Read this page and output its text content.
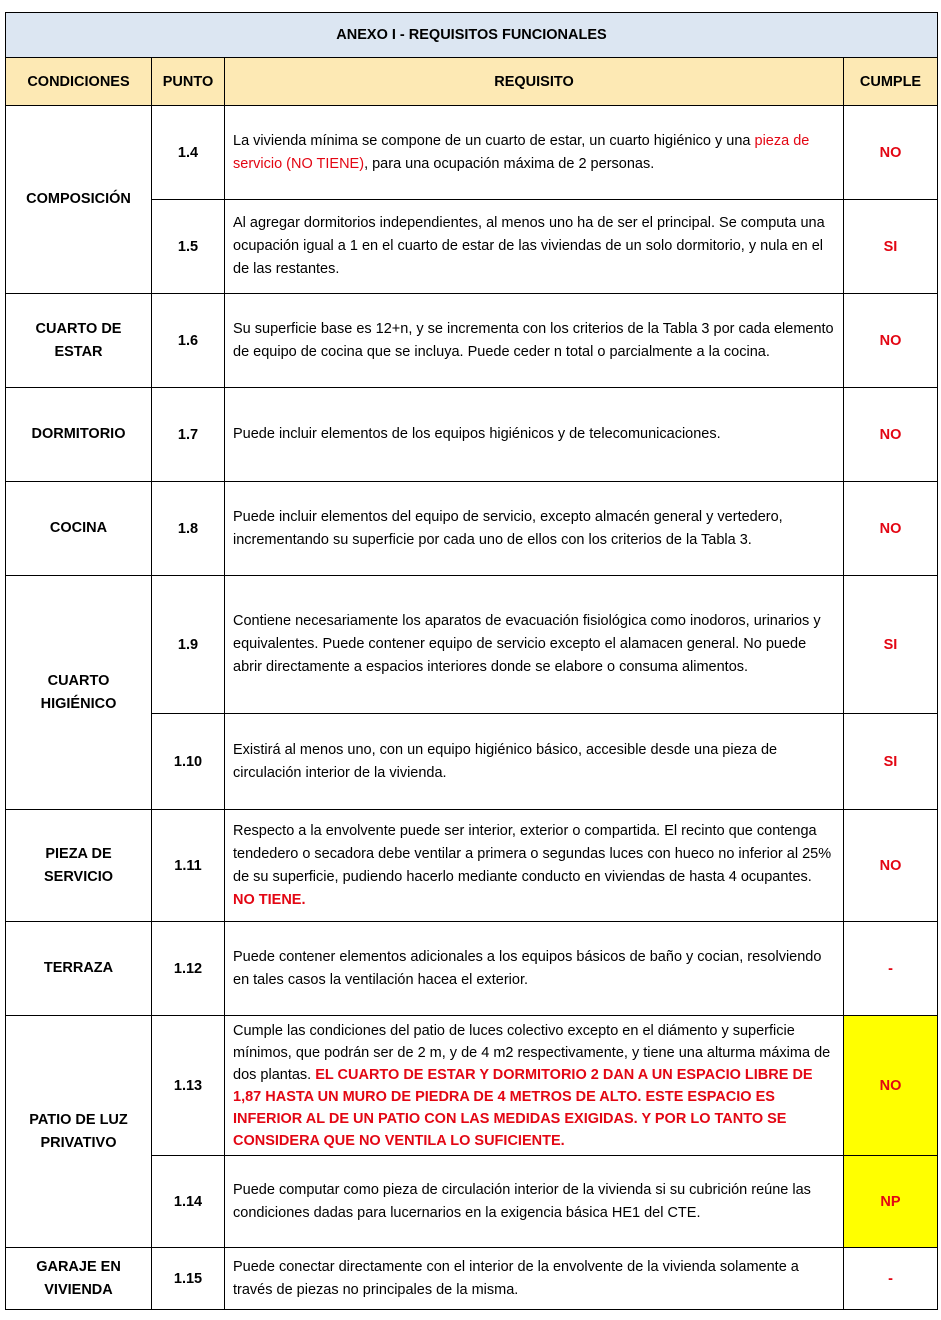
ANEXO I - REQUISITOS FUNCIONALES			
CONDICIONES	PUNTO	REQUISITO	CUMPLE
COMPOSICIÓN	1.4	La vivienda mínima se compone de un cuarto de estar, un cuarto higiénico y una pieza de servicio (NO TIENE), para una ocupación máxima de 2 personas.	NO
	1.5	Al agregar dormitorios independientes, al menos uno ha de ser el principal. Se computa una ocupación igual a 1 en el cuarto de estar de las viviendas de un solo dormitorio, y nula en el de las restantes.	SI
CUARTO DE ESTAR	1.6	Su superficie base es 12+n, y se incrementa con los criterios de la Tabla 3 por cada elemento de equipo de cocina que se incluya. Puede ceder n total o parcialmente a la cocina.	NO
DORMITORIO	1.7	Puede incluir elementos de los equipos higiénicos y de telecomunicaciones.	NO
COCINA	1.8	Puede incluir elementos del equipo de servicio, excepto almacén general y vertedero, incrementando su superficie por cada uno de ellos con los criterios de la Tabla 3.	NO
CUARTO HIGIÉNICO	1.9	Contiene necesariamente los aparatos de evacuación fisiológica como inodoros, urinarios y equivalentes. Puede contener equipo de servicio excepto el alamacen general. No puede abrir directamente a espacios interiores donde se elabore o consuma alimentos.	SI
	1.10	Existirá al menos uno, con un equipo higiénico básico, accesible desde una pieza de circulación interior de la vivienda.	SI
PIEZA DE SERVICIO	1.11	Respecto a la envolvente puede ser interior, exterior o compartida. El recinto que contenga tendedero o secadora debe ventilar a primera o segundas luces con hueco no inferior al 25% de su superficie, pudiendo hacerlo mediante conducto en viviendas de hasta 4 ocupantes. NO TIENE.	NO
TERRAZA	1.12	Puede contener elementos adicionales a los equipos básicos de baño y cocian, resolviendo en tales casos la ventilación hacea el exterior.	-
PATIO DE LUZ PRIVATIVO	1.13	Cumple las condiciones del patio de luces colectivo excepto en el diámento y superficie mínimos, que podrán ser de 2 m, y de 4 m2 respectivamente, y tiene una alturma máxima de dos plantas. EL CUARTO DE ESTAR Y DORMITORIO 2 DAN A UN ESPACIO LIBRE DE 1,87 HASTA UN MURO DE PIEDRA DE 4 METROS DE ALTO. ESTE ESPACIO ES INFERIOR AL DE UN PATIO CON LAS MEDIDAS EXIGIDAS. Y POR LO TANTO SE CONSIDERA QUE NO VENTILA LO SUFICIENTE.	NO
	1.14	Puede computar como pieza de circulación interior de la vivienda si su cubrición reúne las condiciones dadas para lucernarios en la exigencia básica HE1 del CTE.	NP
GARAJE EN VIVIENDA	1.15	Puede conectar directamente con el interior de la envolvente de la vivienda solamente a través de piezas no principales de la misma.	-
